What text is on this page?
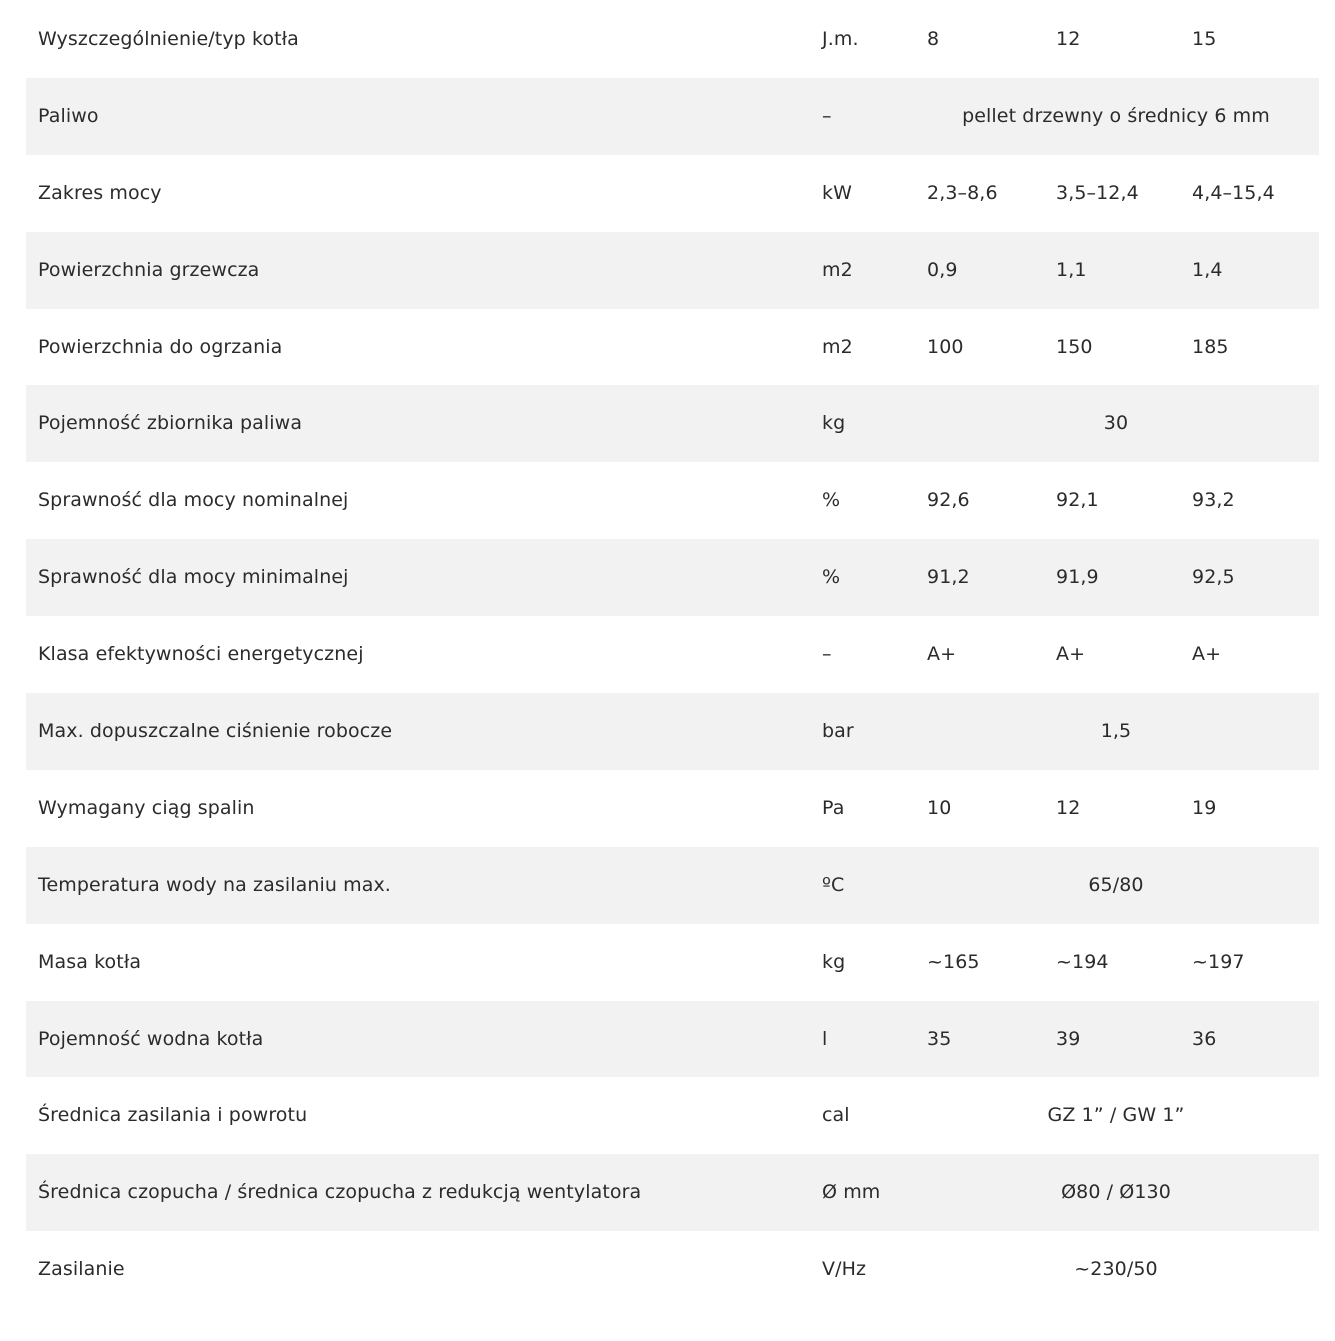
Wyszczególnienie/typ kotła	J.m.	8	12	15
Paliwo	–	pellet drzewny o średnicy 6 mm
Zakres mocy	kW	2,3–8,6	3,5–12,4	4,4–15,4
Powierzchnia grzewcza	m2	0,9	1,1	1,4
Powierzchnia do ogrzania	m2	100	150	185
Pojemność zbiornika paliwa	kg	30
Sprawność dla mocy nominalnej	%	92,6	92,1	93,2
Sprawność dla mocy minimalnej	%	91,2	91,9	92,5
Klasa efektywności energetycznej	–	A+	A+	A+
Max. dopuszczalne ciśnienie robocze	bar	1,5
Wymagany ciąg spalin	Pa	10	12	19
Temperatura wody na zasilaniu max.	ºC	65/80
Masa kotła	kg	~165	~194	~197
Pojemność wodna kotła	l	35	39	36
Średnica zasilania i powrotu	cal	GZ 1” / GW 1”
Średnica czopucha / średnica czopucha z redukcją wentylatora	Ø mm	Ø80 / Ø130
Zasilanie	V/Hz	~230/50
